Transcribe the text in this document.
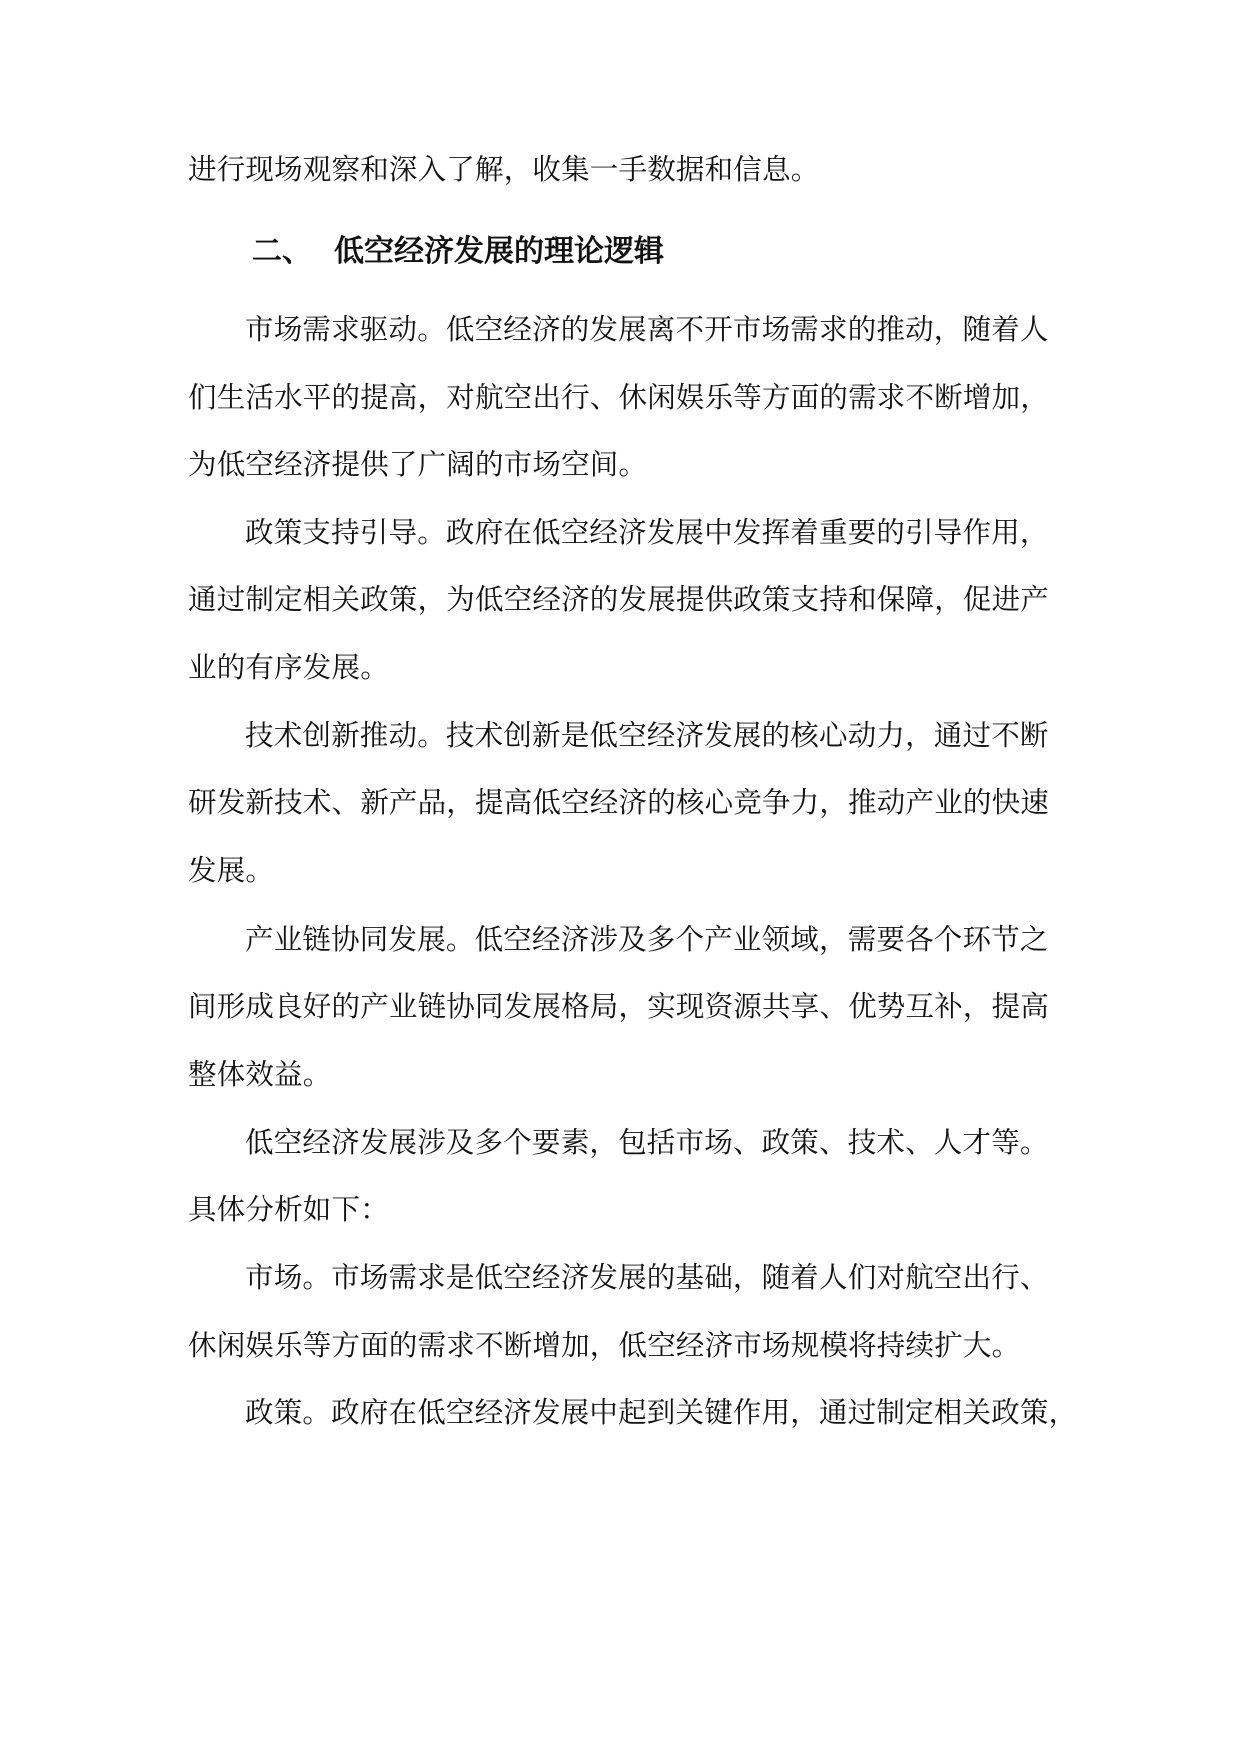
进行现场观察和深入了解，收集一手数据和信息。

二、 低空经济发展的理论逻辑

市场需求驱动。低空经济的发展离不开市场需求的推动，随着人

们生活水平的提高，对航空出行、休闲娱乐等方面的需求不断增加，

为低空经济提供了广阔的市场空间。

政策支持引导。政府在低空经济发展中发挥着重要的引导作用，

通过制定相关政策，为低空经济的发展提供政策支持和保障，促进产

业的有序发展。

技术创新推动。技术创新是低空经济发展的核心动力，通过不断

研发新技术、新产品，提高低空经济的核心竞争力，推动产业的快速

发展。

产业链协同发展。低空经济涉及多个产业领域，需要各个环节之

间形成良好的产业链协同发展格局，实现资源共享、优势互补，提高

整体效益。

低空经济发展涉及多个要素，包括市场、政策、技术、人才等。

具体分析如下：

市场。市场需求是低空经济发展的基础，随着人们对航空出行、

休闲娱乐等方面的需求不断增加，低空经济市场规模将持续扩大。

政策。政府在低空经济发展中起到关键作用，通过制定相关政策，
